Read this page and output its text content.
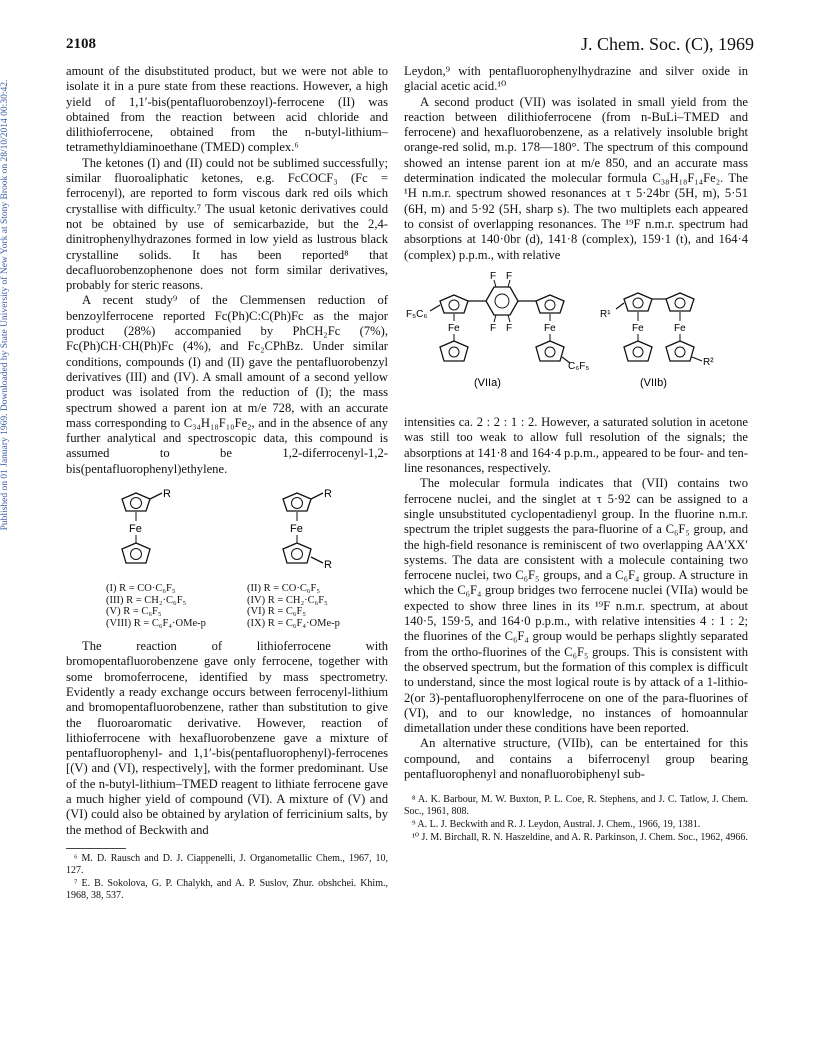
Published on 01 January 1969. Downloaded by State University of New York at Stony Brook on 28/10/2014 00:30:42.
2108	J. Chem. Soc. (C), 1969

amount of the disubstituted product, but we were not able to isolate it in a pure state from these reactions. However, a high yield of 1,1′-bis(pentafluorobenzoyl)-ferrocene (II) was obtained from the reaction between acid chloride and dilithioferrocene, obtained from the n-butyl-lithium–tetramethyldiaminoethane (TMED) complex.⁶

The ketones (I) and (II) could not be sublimed successfully; similar fluoroaliphatic ketones, e.g. FcCOCF₃ (Fc = ferrocenyl), are reported to form viscous dark red oils which crystallise with difficulty.⁷ The usual ketonic derivatives could not be obtained by use of semicarbazide, but the 2,4-dinitrophenylhydrazones formed in low yield as lustrous black crystalline solids. It has been reported⁸ that decafluorobenzophenone does not form similar derivatives, probably for steric reasons.

A recent study⁹ of the Clemmensen reduction of benzoylferrocene reported Fc(Ph)C:C(Ph)Fc as the major product (28%) accompanied by PhCH₂Fc (7%), Fc(Ph)CH·CH(Ph)Fc (4%), and Fc₂CPhBz. Under similar conditions, compounds (I) and (II) gave the pentafluorobenzyl derivatives (III) and (IV). A small amount of a second yellow product was isolated from the reduction of (I); the mass spectrum showed a parent ion at m/e 728, with an accurate mass corresponding to C₃₄H₁₈F₁₀Fe₂, and in the absence of any further analytical and spectroscopic data, this compound is assumed to be 1,2-diferrocenyl-1,2-bis(pentafluorophenyl)ethylene.

R
Fe
R
Fe
R
(I) R = CO·C₆F₅	(II) R = CO·C₆F₅
(III) R = CH₂·C₆F₅	(IV) R = CH₂·C₆F₅
(V) R = C₆F₅	(VI) R = C₆F₅
(VIII) R = C₆F₄·OMe-p	(IX) R = C₆F₄·OMe-p

The reaction of lithioferrocene with bromopentafluorobenzene gave only ferrocene, together with some bromoferrocene, identified by mass spectrometry. Evidently a ready exchange occurs between ferrocenyl-lithium and bromopentafluorobenzene, rather than substitution to give the fluoroaromatic derivative. However, reaction of lithioferrocene with hexafluorobenzene gave a mixture of pentafluorophenyl- and 1,1′-bis(pentafluorophenyl)-ferrocenes [(V) and (VI), respectively], with the former predominant. Use of the n-butyl-lithium–TMED reagent to lithiate ferrocene gave a much higher yield of compound (VI). A mixture of (V) and (VI) could also be obtained by arylation of ferricinium salts, by the method of Beckwith and

⁶ M. D. Rausch and D. J. Ciappenelli, J. Organometallic Chem., 1967, 10, 127.

⁷ E. B. Sokolova, G. P. Chalykh, and A. P. Suslov, Zhur. obshchei. Khim., 1968, 38, 537.

Leydon,⁹ with pentafluorophenylhydrazine and silver oxide in glacial acetic acid.¹⁰

A second product (VII) was isolated in small yield from the reaction between dilithioferrocene (from n-BuLi–TMED and ferrocene) and hexafluorobenzene, as a relatively insoluble bright orange-red solid, m.p. 178—180°. The spectrum of this compound showed an intense parent ion at m/e 850, and an accurate mass determination indicated the molecular formula C₃₈H₁₈F₁₄Fe₂. The ¹H n.m.r. spectrum showed resonances at τ 5·24br (5H, m), 5·51 (6H, m) and 5·92 (5H, sharp s). The two multiplets each appeared to consist of overlapping resonances. The ¹⁹F n.m.r. spectrum had absorptions at 140·0br (d), 141·8 (complex), 159·1 (t), and 164·4 (complex) p.p.m., with relative

F₅C₆
Fe
F F
F F	Fe
C₆F₅
(VIIa)
R¹
Fe	Fe
R²
(VIIb)

intensities ca. 2 : 2 : 1 : 2. However, a saturated solution in acetone was still too weak to allow full resolution of the signals; the absorptions at 141·8 and 164·4 p.p.m., appeared to be four- and ten-line resonances, respectively.

The molecular formula indicates that (VII) contains two ferrocene nuclei, and the singlet at τ 5·92 can be assigned to a single unsubstituted cyclopentadienyl group. In the fluorine n.m.r. spectrum the triplet suggests the para-fluorine of a C₆F₅ group, and the high-field resonance is reminiscent of two overlapping AA′XX′ systems. The data are consistent with a molecule containing two ferrocene nuclei, two C₆F₅ groups, and a C₆F₄ group. A structure in which the C₆F₄ group bridges two ferrocene nuclei (VIIa) would be expected to show three lines in its ¹⁹F n.m.r. spectrum, at about 140·5, 159·5, and 164·0 p.p.m., with relative intensities 4 : 1 : 2; the fluorines of the C₆F₄ group would be perhaps slightly separated from the ortho-fluorines of the C₆F₅ groups. This is consistent with the observed spectrum, but the formation of this complex is difficult to understand, since the most logical route is by attack of a 1-lithio-2(or 3)-pentafluorophenylferrocene on one of the para-fluorines of (VI), and to our knowledge, no instances of homoannular dimetallation under these conditions have been reported.

An alternative structure, (VIIb), can be entertained for this compound, and contains a biferrocenyl group bearing pentafluorophenyl and nonafluorobiphenyl sub-

⁸ A. K. Barbour, M. W. Buxton, P. L. Coe, R. Stephens, and J. C. Tatlow, J. Chem. Soc., 1961, 808.

⁹ A. L. J. Beckwith and R. J. Leydon, Austral. J. Chem., 1966, 19, 1381.

¹⁰ J. M. Birchall, R. N. Haszeldine, and A. R. Parkinson, J. Chem. Soc., 1962, 4966.
